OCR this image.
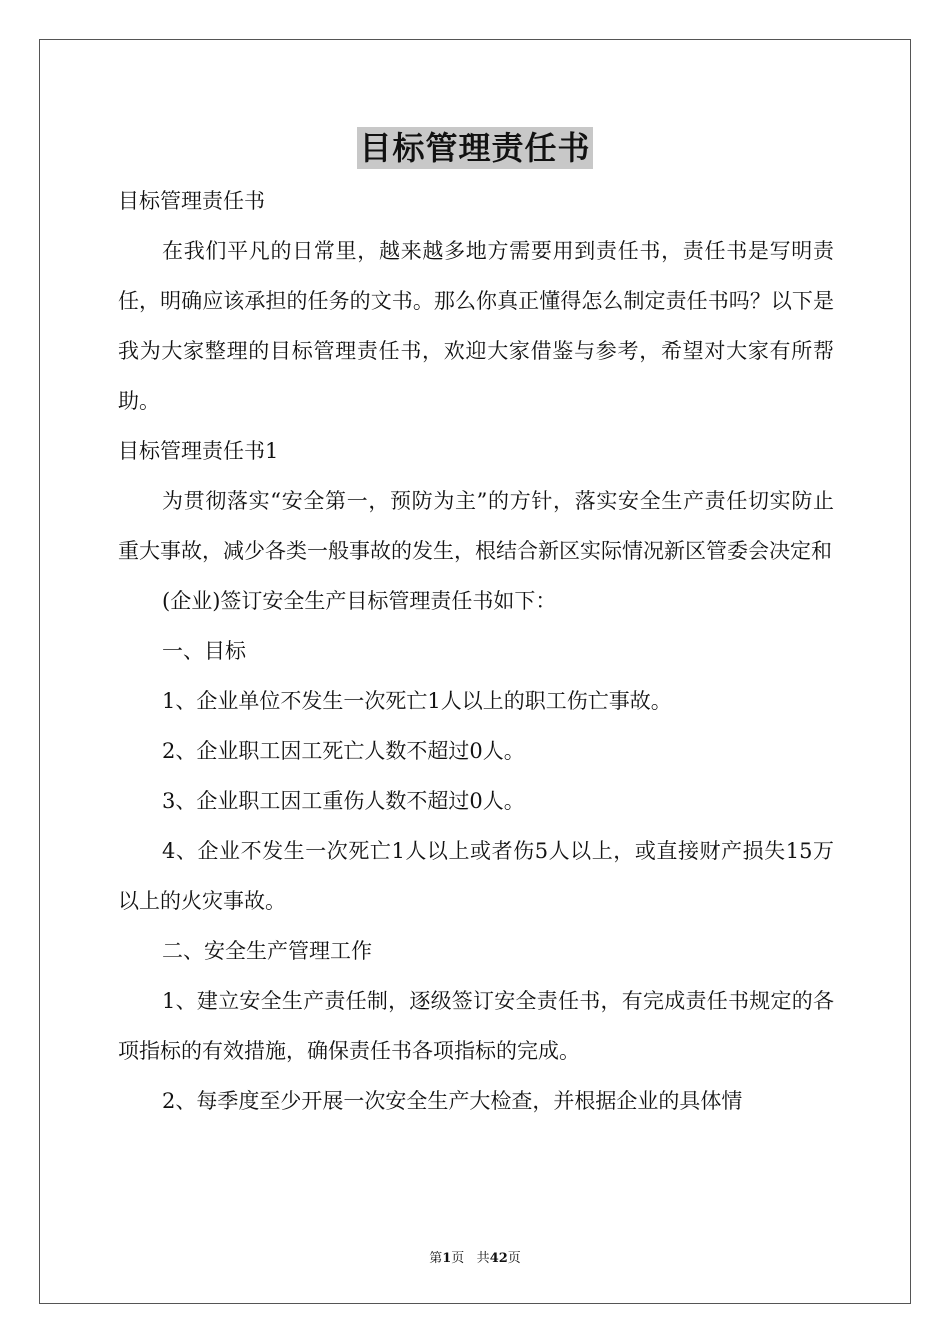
目标管理责任书

目标管理责任书

在我们平凡的日常里，越来越多地方需要用到责任书，责任书是写明责任，明确应该承担的任务的文书。那么你真正懂得怎么制定责任书吗？以下是我为大家整理的目标管理责任书，欢迎大家借鉴与参考，希望对大家有所帮助。

目标管理责任书1

为贯彻落实“安全第一，预防为主”的方针，落实安全生产责任切实防止重大事故，减少各类一般事故的发生，根结合新区实际情况新区管委会决定和

(企业)签订安全生产目标管理责任书如下：

一、目标

1、企业单位不发生一次死亡1人以上的职工伤亡事故。

2、企业职工因工死亡人数不超过0人。

3、企业职工因工重伤人数不超过0人。

4、企业不发生一次死亡1人以上或者伤5人以上，或直接财产损失15万以上的火灾事故。

二、安全生产管理工作

1、建立安全生产责任制，逐级签订安全责任书，有完成责任书规定的各项指标的有效措施，确保责任书各项指标的完成。

2、每季度至少开展一次安全生产大检查，并根据企业的具体情

第1页 共42页
